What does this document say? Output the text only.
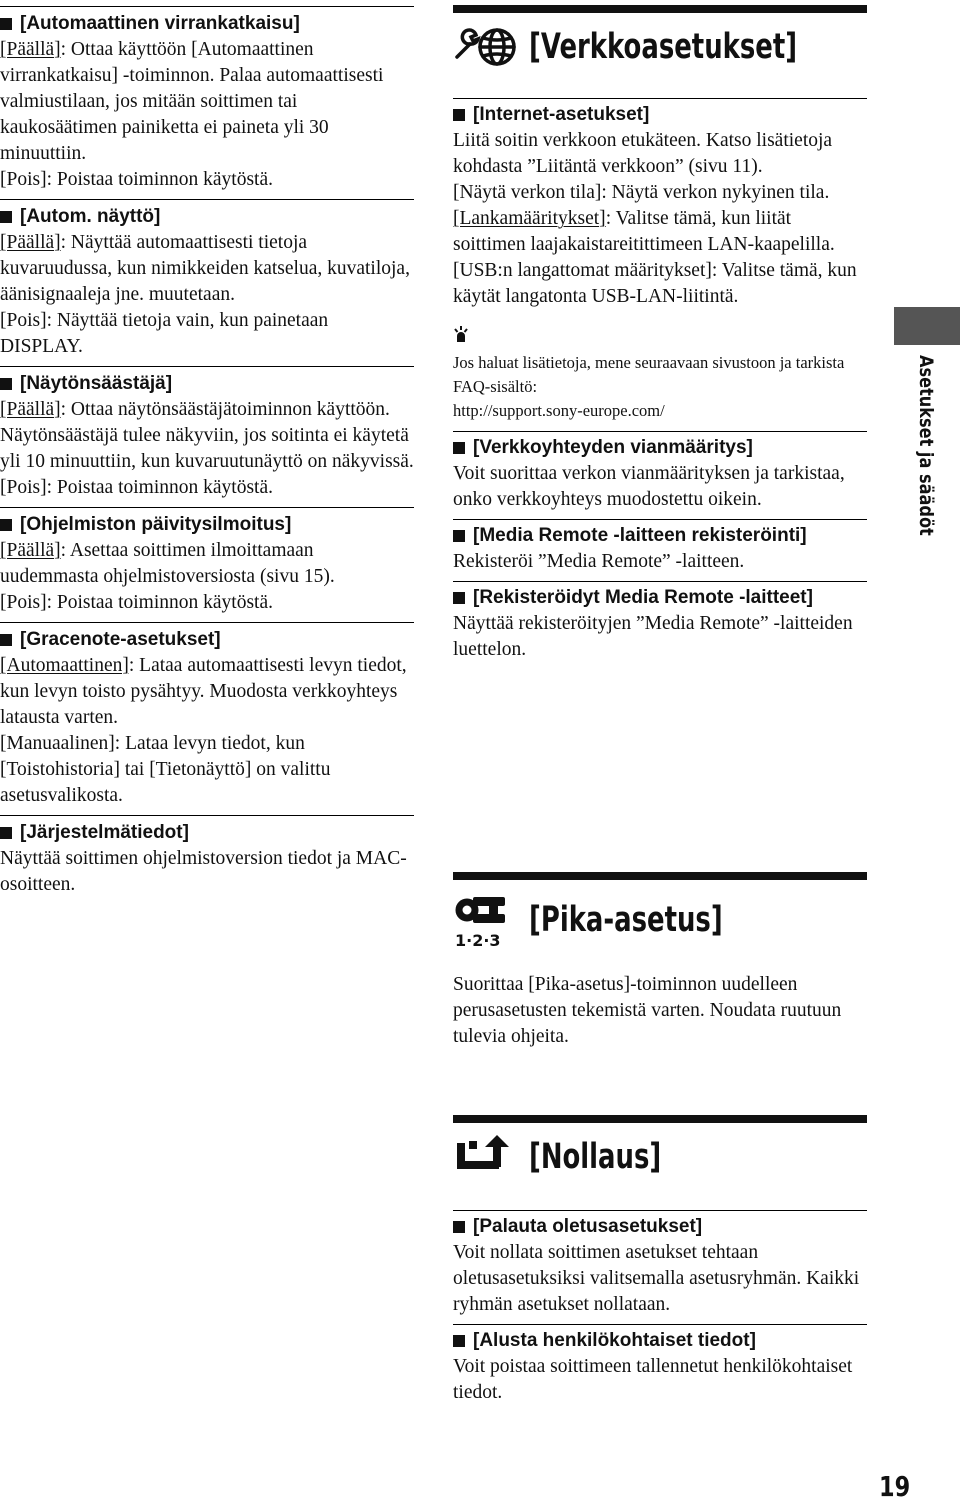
[Automaattinen virrankatkaisu]

[Päällä]: Ottaa käyttöön [Automaattinen virrankatkaisu] -toiminnon. Palaa automaattisesti valmiustilaan, jos mitään soittimen tai kaukosäätimen painiketta ei paineta yli 30 minuuttiin.

[Pois]: Poistaa toiminnon käytöstä.

[Autom. näyttö]

[Päällä]: Näyttää automaattisesti tietoja kuvaruudussa, kun nimikkeiden katselua, kuvatiloja, äänisignaaleja jne. muutetaan.

[Pois]: Näyttää tietoja vain, kun painetaan DISPLAY.

[Näytönsäästäjä]

[Päällä]: Ottaa näytönsäästäjätoiminnon käyttöön. Näytönsäästäjä tulee näkyviin, jos soitinta ei käytetä yli 10 minuuttiin, kun kuvaruutunäyttö on näkyvissä.

[Pois]: Poistaa toiminnon käytöstä.

[Ohjelmiston päivitysilmoitus]

[Päällä]: Asettaa soittimen ilmoittamaan uudemmasta ohjelmistoversiosta (sivu 15).

[Pois]: Poistaa toiminnon käytöstä.

[Gracenote-asetukset]

[Automaattinen]: Lataa automaattisesti levyn tiedot, kun levyn toisto pysähtyy. Muodosta verkkoyhteys latausta varten.

[Manuaalinen]: Lataa levyn tiedot, kun [Toistohistoria] tai [Tietonäyttö] on valittu asetusvalikosta.

[Järjestelmätiedot]

Näyttää soittimen ohjelmistoversion tiedot ja MAC-osoitteen.

[Verkkoasetukset]
[Internet-asetukset]

Liitä soitin verkkoon etukäteen. Katso lisätietoja kohdasta ”Liitäntä verkkoon” (sivu 11).

[Näytä verkon tila]: Näytä verkon nykyinen tila.

[Lankamääritykset]: Valitse tämä, kun liität soittimen laajakaistareitittimeen LAN-kaapelilla.

[USB:n langattomat määritykset]: Valitse tämä, kun käytät langatonta USB-LAN-liitintä.

Jos haluat lisätietoja, mene seuraavaan sivustoon ja tarkista FAQ-sisältö:

http://support.sony-europe.com/

[Verkkoyhteyden vianmääritys]

Voit suorittaa verkon vianmäärityksen ja tarkistaa, onko verkkoyhteys muodostettu oikein.

[Media Remote -laitteen rekisteröinti]

Rekisteröi ”Media Remote” -laitteen.

[Rekisteröidyt Media Remote -laitteet]

Näyttää rekisteröityjen ”Media Remote” -laitteiden luettelon.

1·2·3
[Pika-asetus]

Suorittaa [Pika-asetus]-toiminnon uudelleen perusasetusten tekemistä varten. Noudata ruutuun tulevia ohjeita.

[Nollaus]
[Palauta oletusasetukset]

Voit nollata soittimen asetukset tehtaan oletusasetuksiksi valitsemalla asetusryhmän. Kaikki ryhmän asetukset nollataan.

[Alusta henkilökohtaiset tiedot]

Voit poistaa soittimeen tallennetut henkilökohtaiset tiedot.

Asetukset ja säädöt
19
